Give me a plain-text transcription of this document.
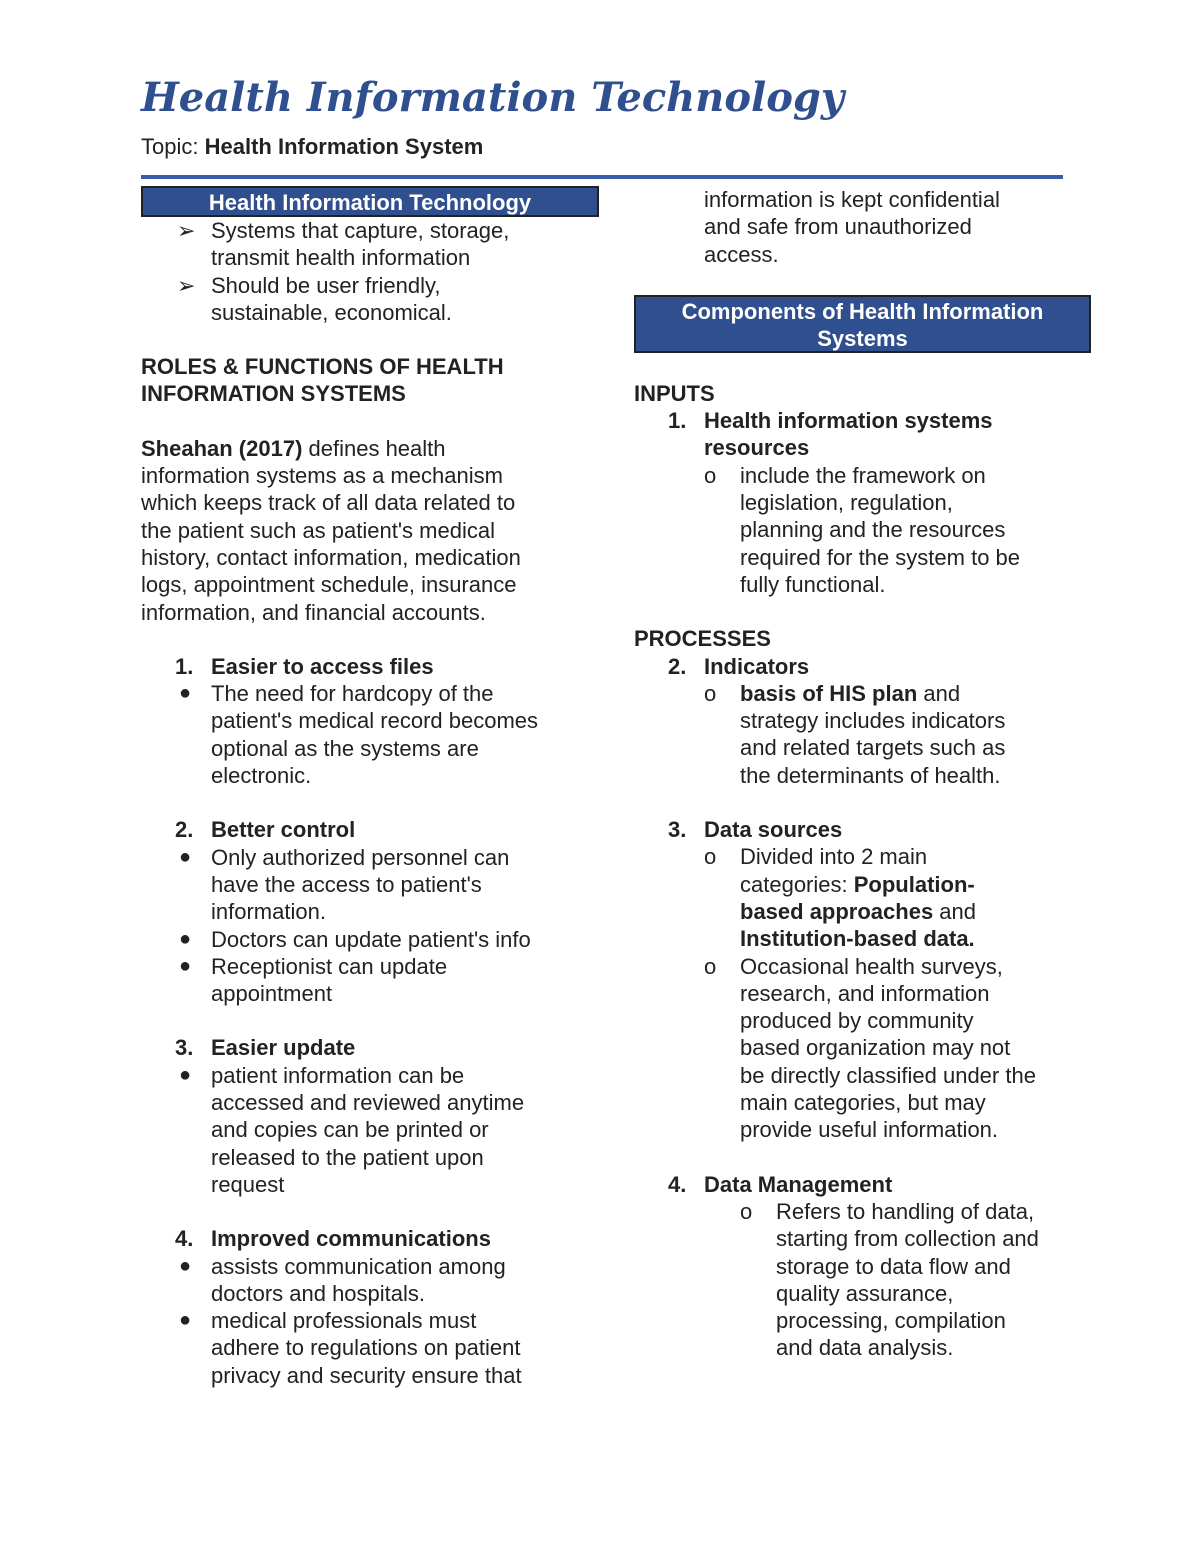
Health Information Technology
Topic: Health Information System
Health Information Technology
➢ Systems that capture, storage,
transmit health information
➢ Should be user friendly,
sustainable, economical.
ROLES & FUNCTIONS OF HEALTH
INFORMATION SYSTEMS
Sheahan (2017) defines health
information systems as a mechanism
which keeps track of all data related to
the patient such as patient's medical
history, contact information, medication
logs, appointment schedule, insurance
information, and financial accounts.
1. Easier to access files
● The need for hardcopy of the
patient's medical record becomes
optional as the systems are
electronic.
2. Better control
● Only authorized personnel can
have the access to patient's
information.
● Doctors can update patient's info
● Receptionist can update
appointment
3. Easier update
● patient information can be
accessed and reviewed anytime
and copies can be printed or
released to the patient upon
request
4. Improved communications
● assists communication among
doctors and hospitals.
● medical professionals must
adhere to regulations on patient
privacy and security ensure that
information is kept confidential
and safe from unauthorized
access.
Components of Health Information
Systems
INPUTS
1. Health information systems
resources
o include the framework on
legislation, regulation,
planning and the resources
required for the system to be
fully functional.
PROCESSES
2. Indicators
o basis of HIS plan and
strategy includes indicators
and related targets such as
the determinants of health.
3. Data sources
o Divided into 2 main
categories: Population-
based approaches and
Institution-based data.
o Occasional health surveys,
research, and information
produced by community
based organization may not
be directly classified under the
main categories, but may
provide useful information.
4. Data Management
o Refers to handling of data,
starting from collection and
storage to data flow and
quality assurance,
processing, compilation
and data analysis.
